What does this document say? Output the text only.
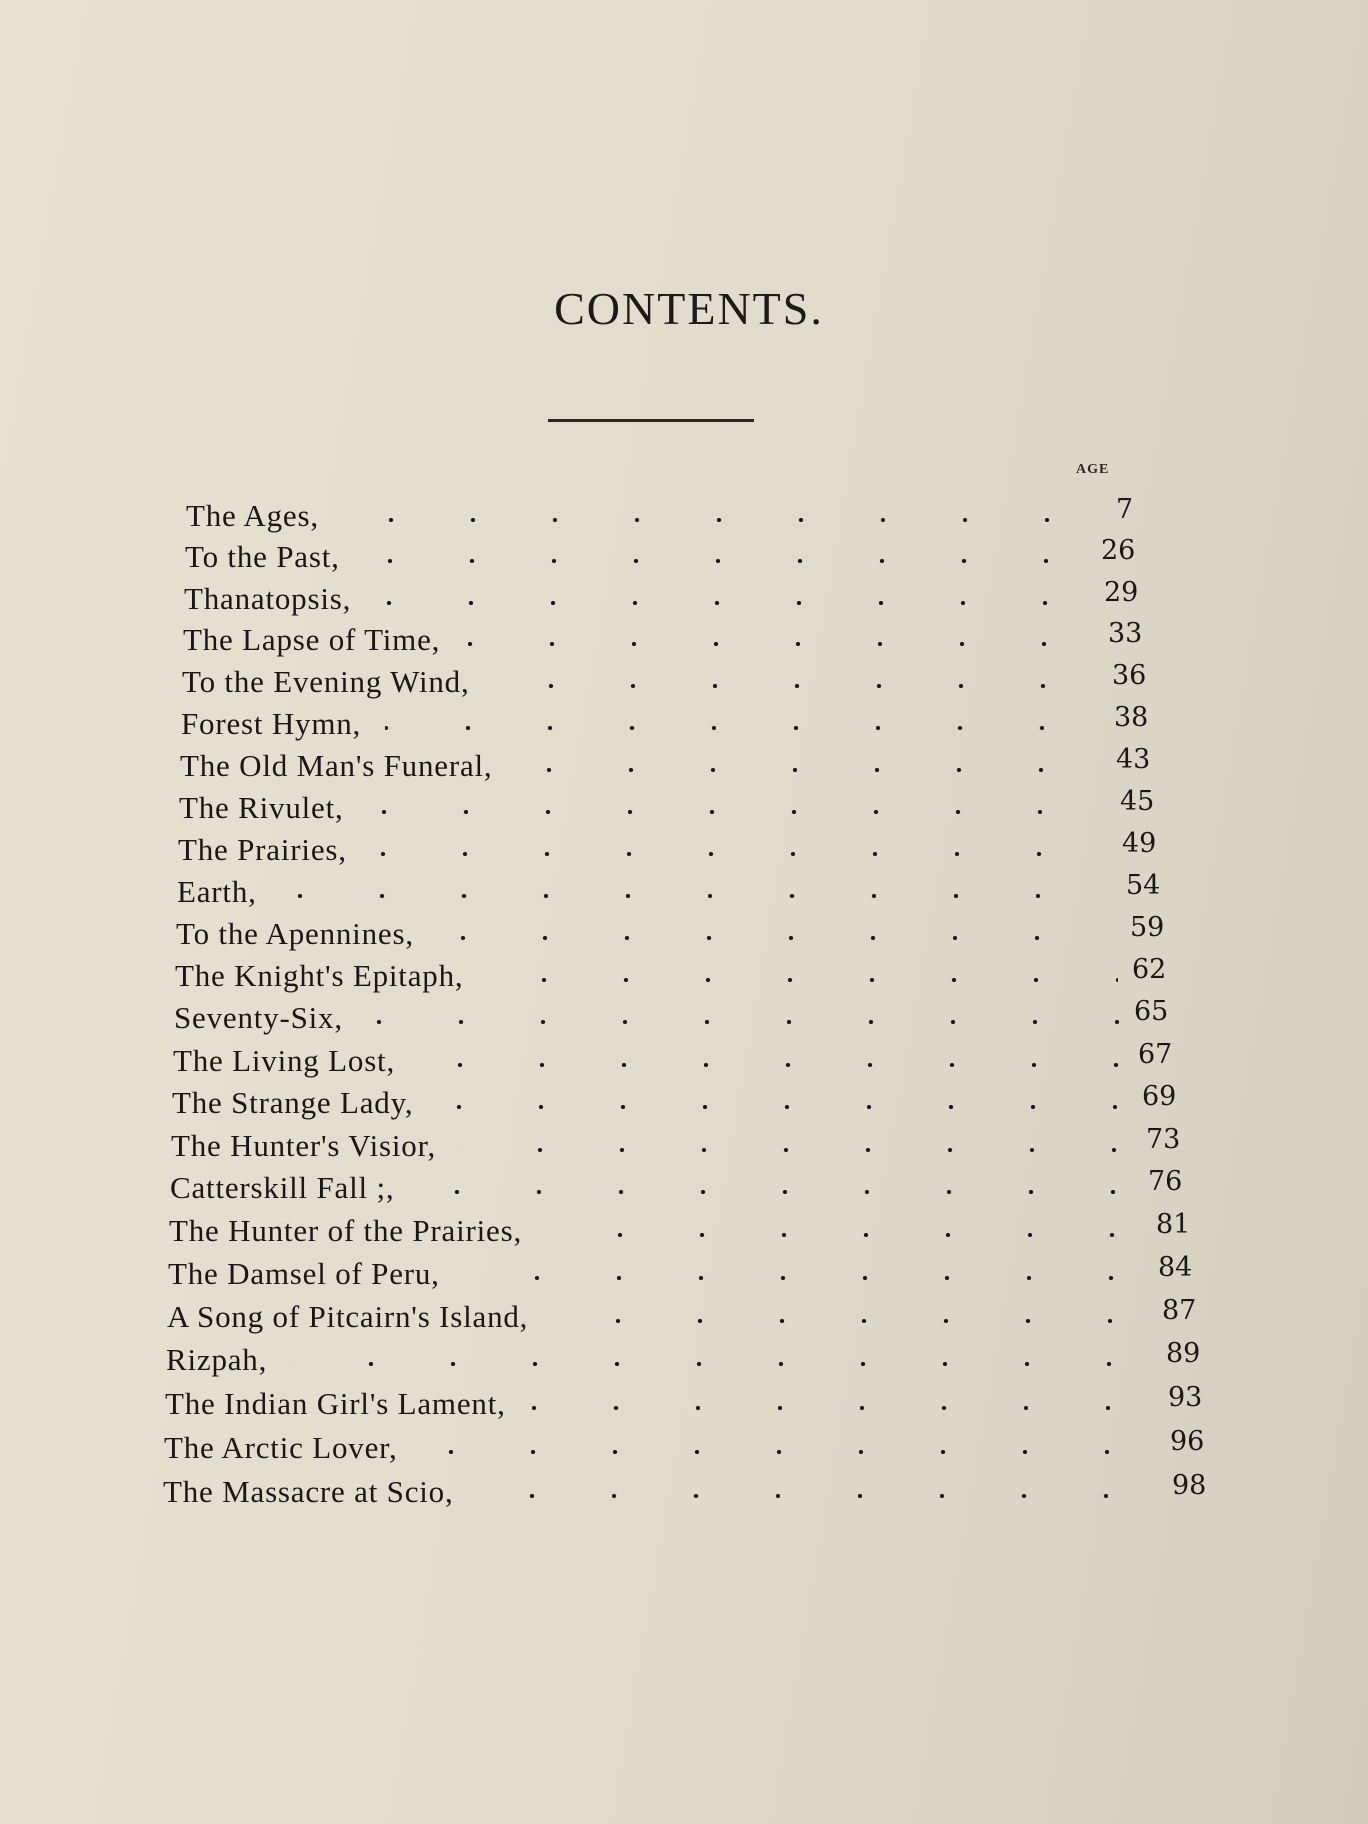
CONTENTS.
AGE
The Ages,	7
To the Past,	26
Thanatopsis,	29
The Lapse of Time,	33
To the Evening Wind,	36
Forest Hymn,	38
The Old Man's Funeral,	43
The Rivulet,	45
The Prairies,	49
Earth,	54
To the Apennines,	59
The Knight's Epitaph,	62
Seventy-Six,	65
The Living Lost,	67
The Strange Lady,	69
The Hunter's Visior,	73
Catterskill Fall ;,	76
The Hunter of the Prairies,	81
The Damsel of Peru,	84
A Song of Pitcairn's Island,	87
Rizpah,	89
The Indian Girl's Lament,	93
The Arctic Lover,	96
The Massacre at Scio,	98
